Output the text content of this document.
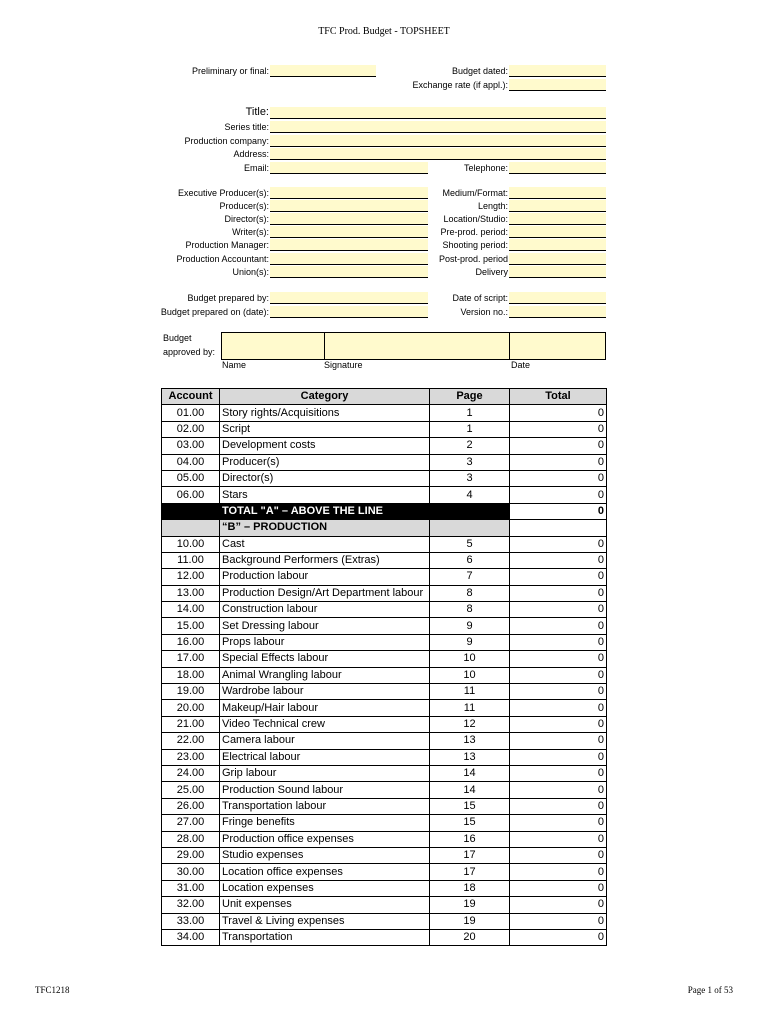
TFC Prod. Budget - TOPSHEET
Preliminary or final:	Budget dated:
Exchange rate (if appl.):
Title:
Series title:
Production company:
Address:
Email:	Telephone:
Executive Producer(s):
Producer(s):
Director(s):
Writer(s):
Production Manager:
Production Accountant:
Union(s):
Medium/Format:
Length:
Location/Studio:
Pre-prod. period:
Shooting period:
Post-prod. period
Delivery
Budget prepared by:
Budget prepared on (date):
Date of script:
Version no.:
Budget
approved by:
Name	Signature	Date
Account	Category	Page	Total
01.00	Story rights/Acquisitions	1	0
02.00	Script	1	0
03.00	Development costs	2	0
04.00	Producer(s)	3	0
05.00	Director(s)	3	0
06.00	Stars	4	0
	TOTAL "A" – ABOVE THE LINE		0
	“B” – PRODUCTION		
10.00	Cast	5	0
11.00	Background Performers (Extras)	6	0
12.00	Production labour	7	0
13.00	Production Design/Art Department labour	8	0
14.00	Construction labour	8	0
15.00	Set Dressing labour	9	0
16.00	Props labour	9	0
17.00	Special Effects labour	10	0
18.00	Animal Wrangling labour	10	0
19.00	Wardrobe labour	11	0
20.00	Makeup/Hair labour	11	0
21.00	Video Technical crew	12	0
22.00	Camera labour	13	0
23.00	Electrical labour	13	0
24.00	Grip labour	14	0
25.00	Production Sound labour	14	0
26.00	Transportation labour	15	0
27.00	Fringe benefits	15	0
28.00	Production office expenses	16	0
29.00	Studio expenses	17	0
30.00	Location office expenses	17	0
31.00	Location expenses	18	0
32.00	Unit expenses	19	0
33.00	Travel & Living expenses	19	0
34.00	Transportation	20	0
TFC1218	Page 1 of 53
